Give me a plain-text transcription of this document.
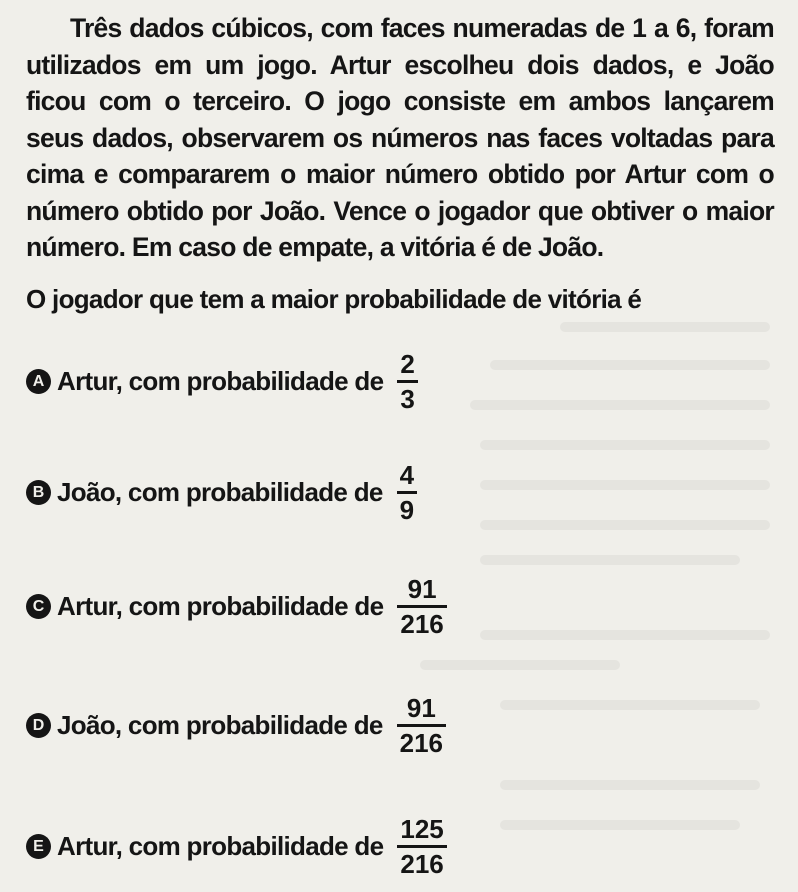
Três dados cúbicos, com faces numeradas de 1 a 6, foram utilizados em um jogo. Artur escolheu dois dados, e João ficou com o terceiro. O jogo consiste em ambos lançarem seus dados, observarem os números nas faces voltadas para cima e compararem o maior número obtido por Artur com o número obtido por João. Vence o jogador que obtiver o maior número. Em caso de empate, a vitória é de João.

O jogador que tem a maior probabilidade de vitória é

A Artur, com probabilidade de $\frac{2}{3}$
B João, com probabilidade de $\frac{4}{9}$
C Artur, com probabilidade de $\frac{91}{216}$
D João, com probabilidade de $\frac{91}{216}$
E Artur, com probabilidade de $\frac{125}{216}$
